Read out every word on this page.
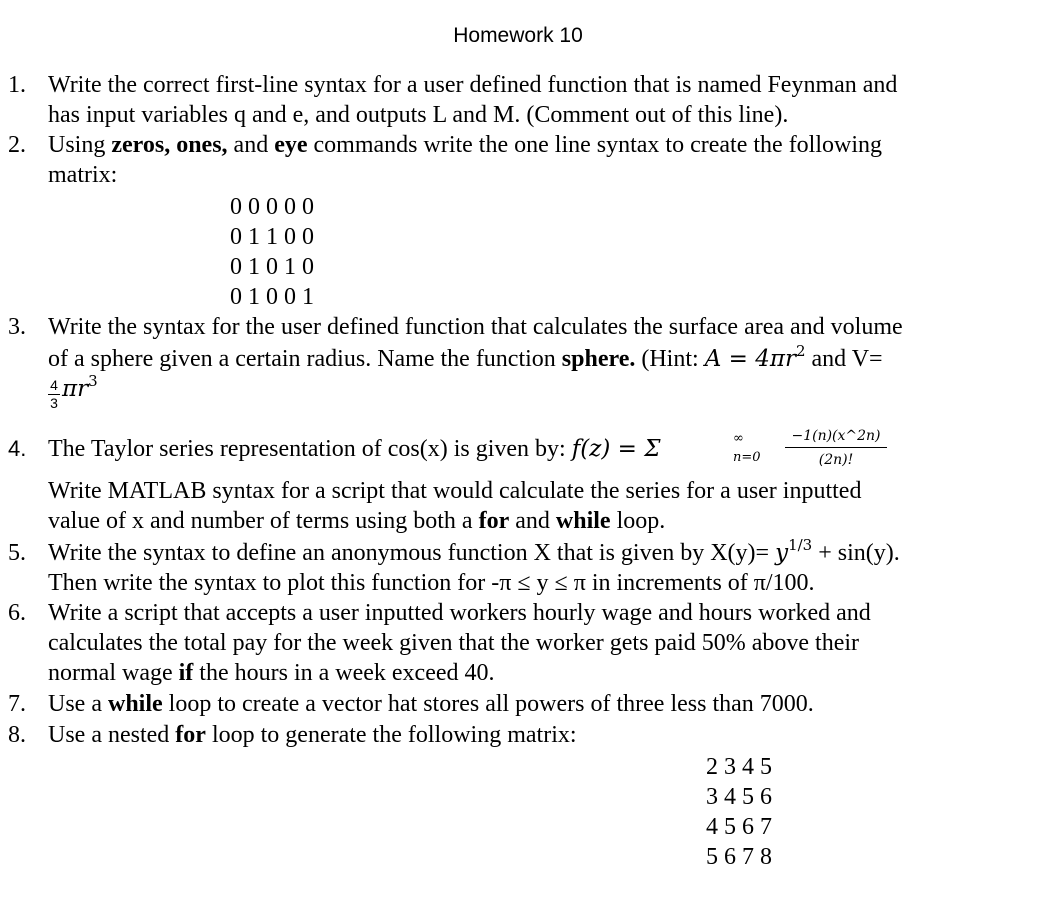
Homework 10
1. Write the correct first-line syntax for a user defined function that is named Feynman and
has input variables q and e, and outputs L and M. (Comment out of this line).
2. Using zeros, ones, and eye commands write the one line syntax to create the following
matrix:
0 0 0 0 0
0 1 1 0 0
0 1 0 1 0
0 1 0 0 1
3. Write the syntax for the user defined function that calculates the surface area and volume
of a sphere given a certain radius. Name the function sphere. (Hint: $A = 4\pi r^2$ and V=
4
3
πr3
4. The Taylor series representation of cos(x) is given by: f(z) = Σ	∞
n=0
−1(n)(x^2n)
(2n)!
Write MATLAB syntax for a script that would calculate the series for a user inputted
value of x and number of terms using both a for and while loop.
5. Write the syntax to define an anonymous function X that is given by $X(y)= y^{1/3} + \sin(y)$.
Then write the syntax to plot this function for -π ≤ y ≤ π in increments of π/100.
6. Write a script that accepts a user inputted workers hourly wage and hours worked and
calculates the total pay for the week given that the worker gets paid 50% above their
normal wage if the hours in a week exceed 40.
7. Use a while loop to create a vector hat stores all powers of three less than 7000.
8. Use a nested for loop to generate the following matrix:
2 3 4 5
3 4 5 6
4 5 6 7
5 6 7 8
